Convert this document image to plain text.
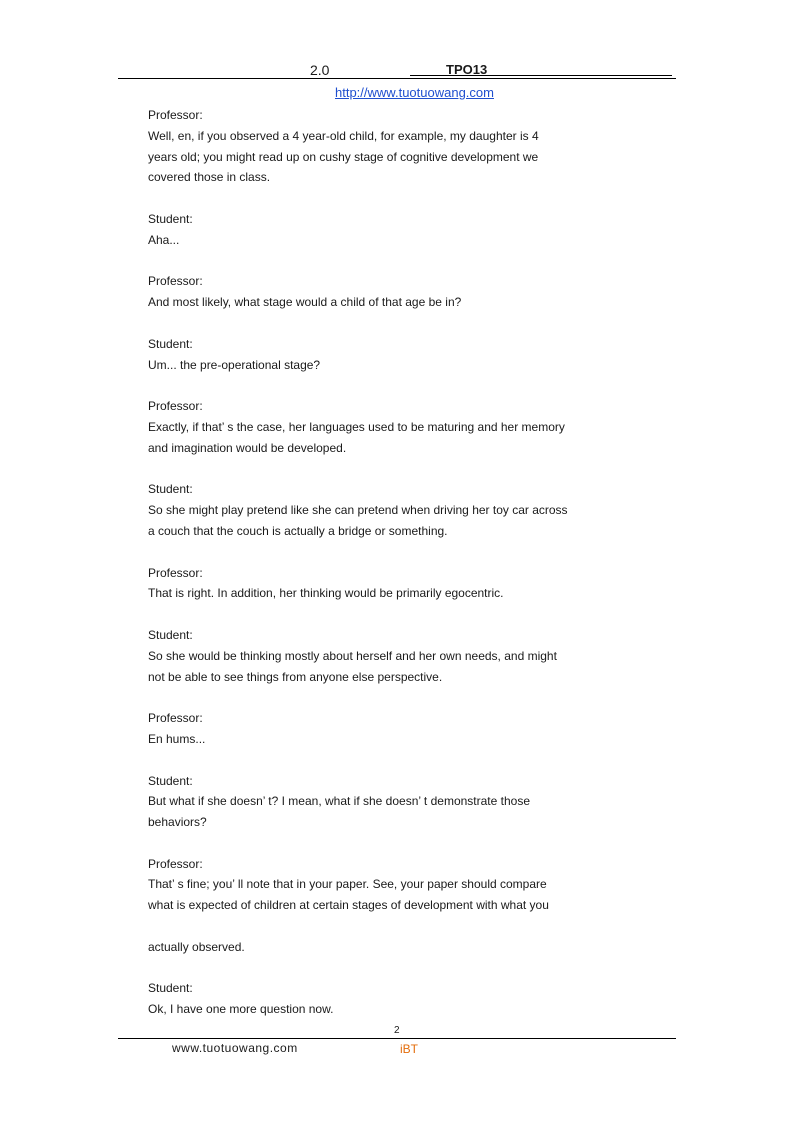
2.0	TPO13
http://www.tuotuowang.com
Professor:
Well, en, if you observed a 4 year-old child, for example, my daughter is 4
years old; you might read up on cushy stage of cognitive development we
covered those in class.
Student:
Aha...
Professor:
And most likely, what stage would a child of that age be in?
Student:
Um... the pre-operational stage?
Professor:
Exactly, if that’ s the case, her languages used to be maturing and her memory
and imagination would be developed.
Student:
So she might play pretend like she can pretend when driving her toy car across
a couch that the couch is actually a bridge or something.
Professor:
That is right. In addition, her thinking would be primarily egocentric.
Student:
So she would be thinking mostly about herself and her own needs, and might
not be able to see things from anyone else perspective.
Professor:
En hums...
Student:
But what if she doesn’ t? I mean, what if she doesn’ t demonstrate those
behaviors?
Professor:
That’ s fine; you’ ll note that in your paper. See, your paper should compare
what is expected of children at certain stages of development with what you
actually observed.
Student:
Ok, I have one more question now.
2
www.tuotuowang.com	iBT
